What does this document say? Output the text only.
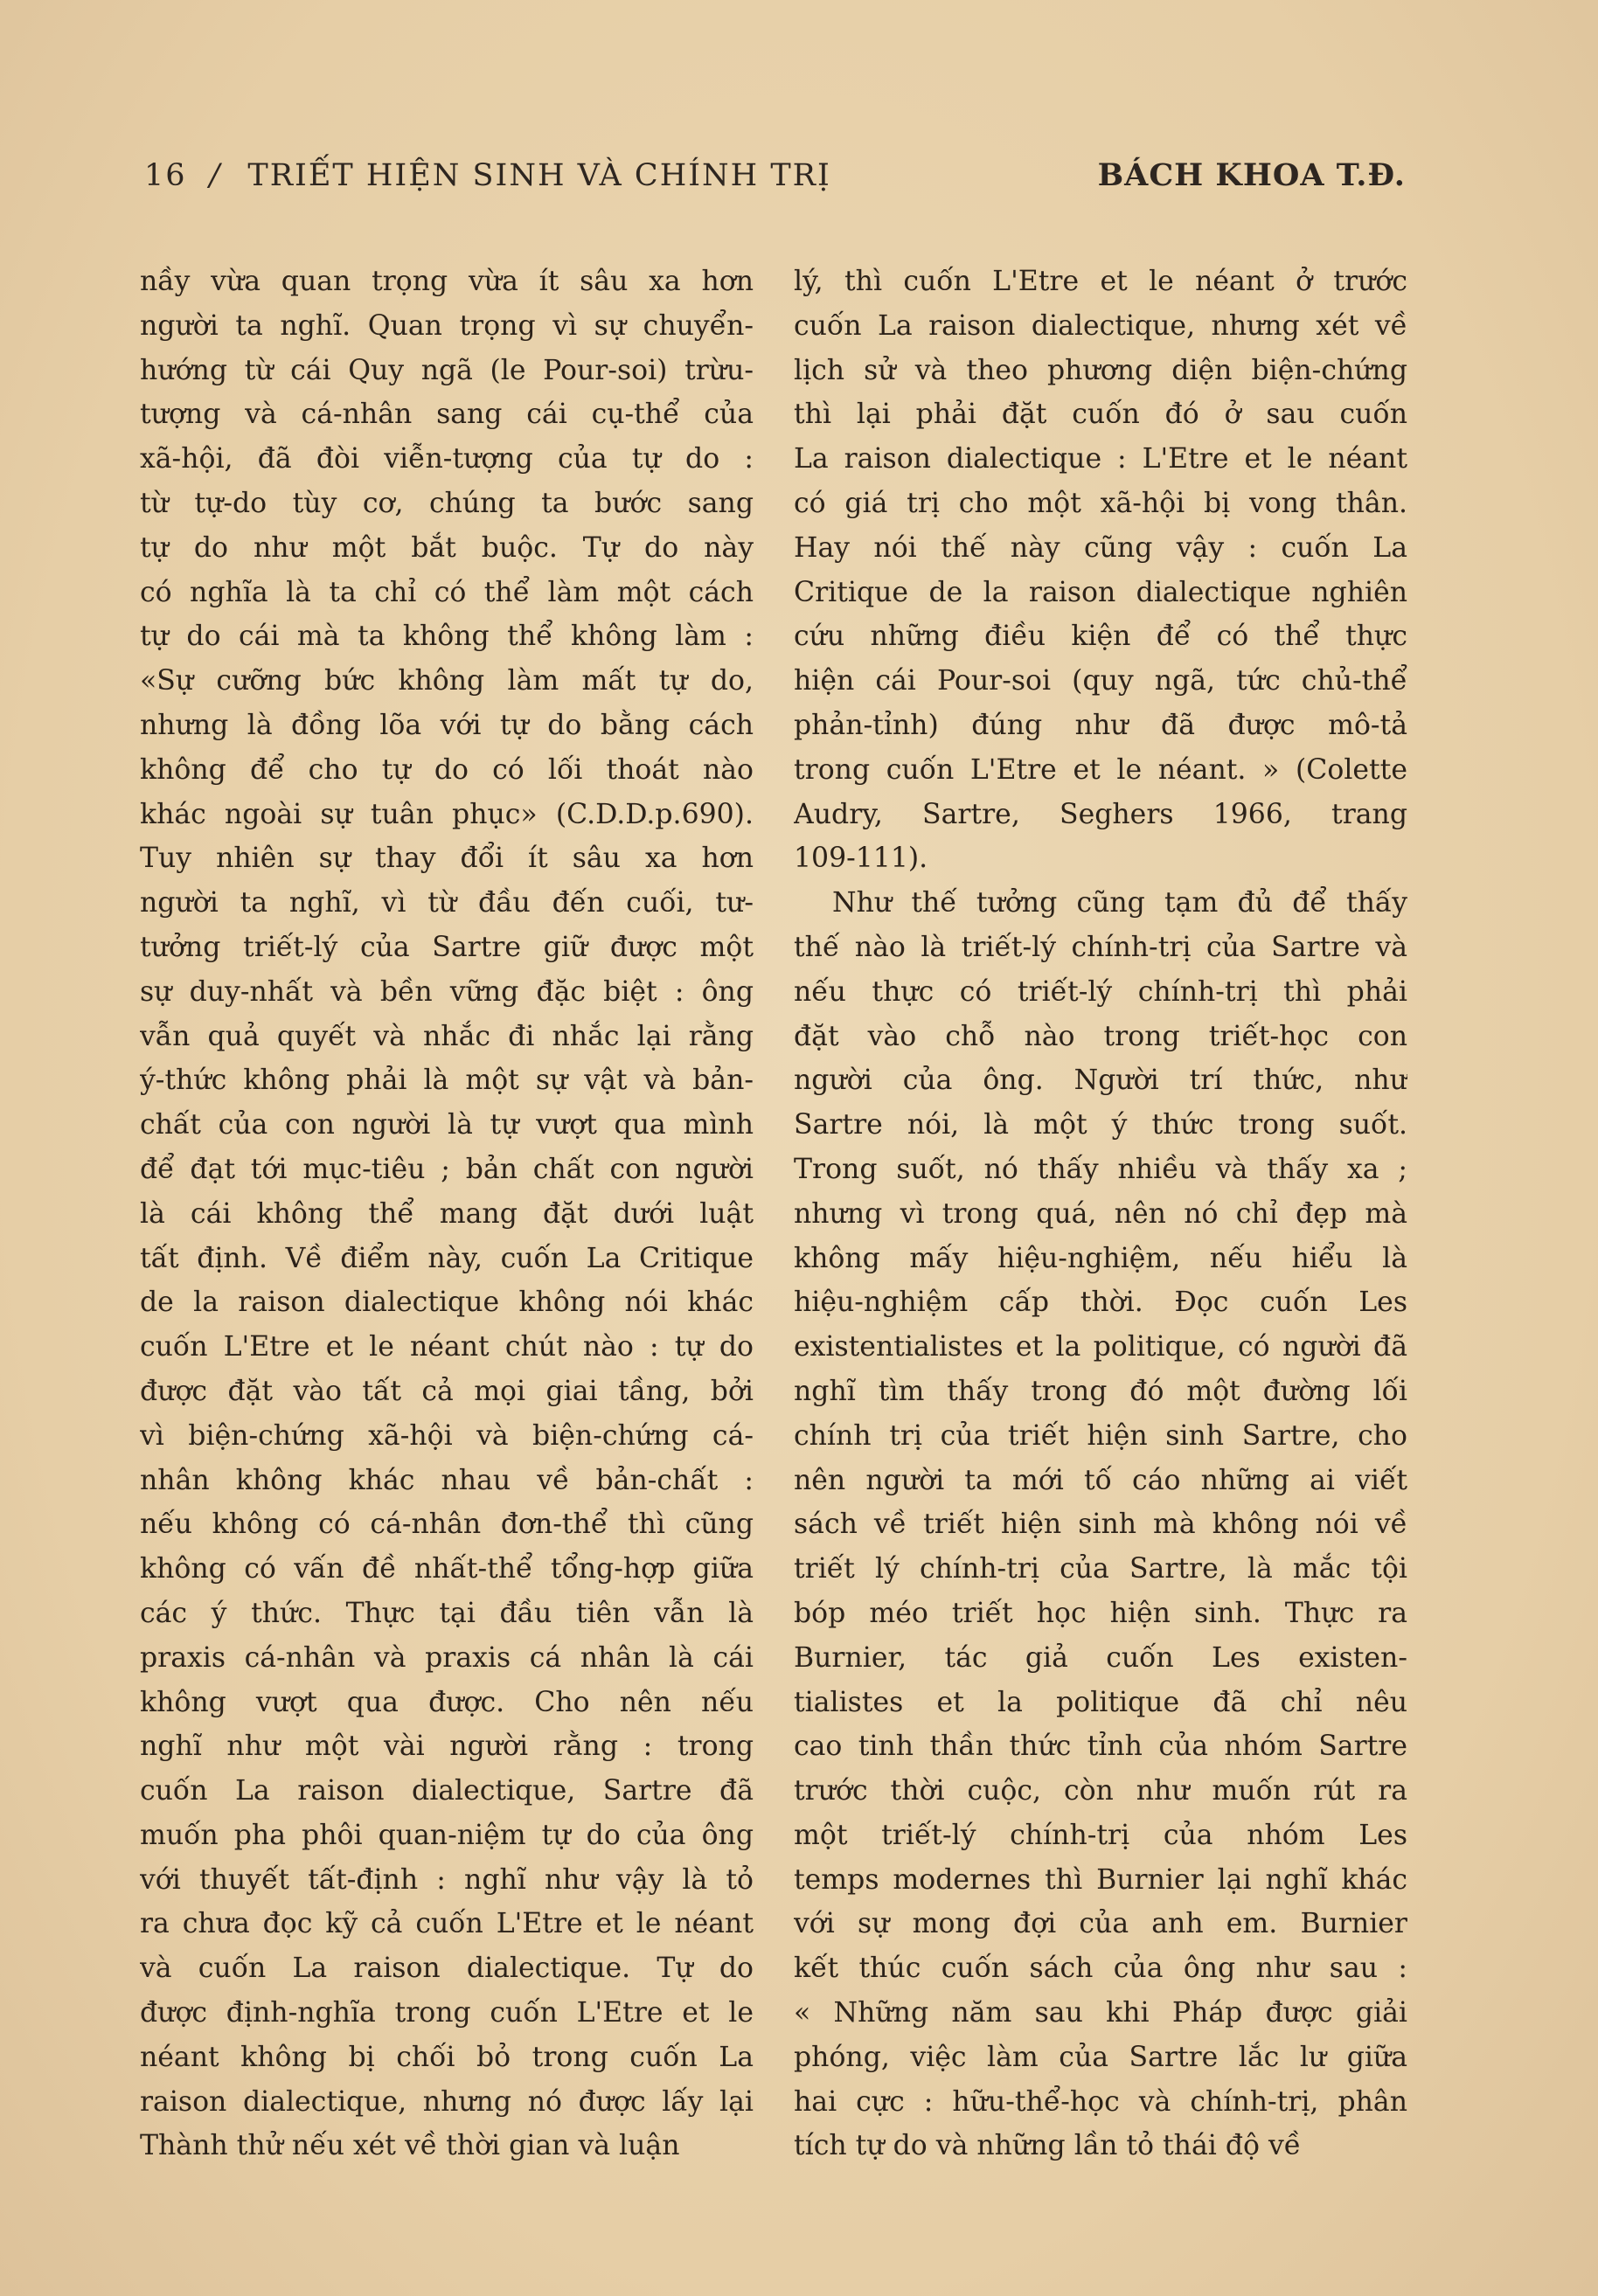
16 / TRIẾT HIỆN SINH VÀ CHÍNH TRỊ	BÁCH KHOA T.Đ.
nầy vừa quan trọng vừa ít sâu xa hơn
người ta nghĩ. Quan trọng vì sự chuyển-
hướng từ cái Quy ngã (le Pour-soi) trừu-
tượng và cá-nhân sang cái cụ-thể của
xã-hội, đã đòi viễn-tượng của tự do :
từ tự-do tùy cơ, chúng ta bước sang
tự do như một bắt buộc. Tự do này
có nghĩa là ta chỉ có thể làm một cách
tự do cái mà ta không thể không làm :
«Sự cưỡng bức không làm mất tự do,
nhưng là đồng lõa với tự do bằng cách
không để cho tự do có lối thoát nào
khác ngoài sự tuân phục» (C.D.D.p.690).
Tuy nhiên sự thay đổi ít sâu xa hơn
người ta nghĩ, vì từ đầu đến cuối, tư-
tưởng triết-lý của Sartre giữ được một
sự duy-nhất và bền vững đặc biệt : ông
vẫn quả quyết và nhắc đi nhắc lại rằng
ý-thức không phải là một sự vật và bản-
chất của con người là tự vượt qua mình
để đạt tới mục-tiêu ; bản chất con người
là cái không thể mang đặt dưới luật
tất định. Về điểm này, cuốn La Critique
de la raison dialectique không nói khác
cuốn L'Etre et le néant chút nào : tự do
được đặt vào tất cả mọi giai tầng, bởi
vì biện-chứng xã-hội và biện-chứng cá-
nhân không khác nhau về bản-chất :
nếu không có cá-nhân đơn-thể thì cũng
không có vấn đề nhất-thể tổng-hợp giữa
các ý thức. Thực tại đầu tiên vẫn là
praxis cá-nhân và praxis cá nhân là cái
không vượt qua được. Cho nên nếu
nghĩ như một vài người rằng : trong
cuốn La raison dialectique, Sartre đã
muốn pha phôi quan-niệm tự do của ông
với thuyết tất-định : nghĩ như vậy là tỏ
ra chưa đọc kỹ cả cuốn L'Etre et le néant
và cuốn La raison dialectique. Tự do
được định-nghĩa trong cuốn L'Etre et le
néant không bị chối bỏ trong cuốn La
raison dialectique, nhưng nó được lấy lại
Thành thử nếu xét về thời gian và luận
lý, thì cuốn L'Etre et le néant ở trước
cuốn La raison dialectique, nhưng xét về
lịch sử và theo phương diện biện-chứng
thì lại phải đặt cuốn đó ở sau cuốn
La raison dialectique : L'Etre et le néant
có giá trị cho một xã-hội bị vong thân.
Hay nói thế này cũng vậy : cuốn La
Critique de la raison dialectique nghiên
cứu những điều kiện để có thể thực
hiện cái Pour-soi (quy ngã, tức chủ-thể
phản-tỉnh) đúng như đã được mô-tả
trong cuốn L'Etre et le néant. » (Colette
Audry, Sartre, Seghers 1966, trang
109-111).
Như thế tưởng cũng tạm đủ để thấy
thế nào là triết-lý chính-trị của Sartre và
nếu thực có triết-lý chính-trị thì phải
đặt vào chỗ nào trong triết-học con
người của ông. Người trí thức, như
Sartre nói, là một ý thức trong suốt.
Trong suốt, nó thấy nhiều và thấy xa ;
nhưng vì trong quá, nên nó chỉ đẹp mà
không mấy hiệu-nghiệm, nếu hiểu là
hiệu-nghiệm cấp thời. Đọc cuốn Les
existentialistes et la politique, có người đã
nghĩ tìm thấy trong đó một đường lối
chính trị của triết hiện sinh Sartre, cho
nên người ta mới tố cáo những ai viết
sách về triết hiện sinh mà không nói về
triết lý chính-trị của Sartre, là mắc tội
bóp méo triết học hiện sinh. Thực ra
Burnier, tác giả cuốn Les existen-
tialistes et la politique đã chỉ nêu
cao tinh thần thức tỉnh của nhóm Sartre
trước thời cuộc, còn như muốn rút ra
một triết-lý chính-trị của nhóm Les
temps modernes thì Burnier lại nghĩ khác
với sự mong đợi của anh em. Burnier
kết thúc cuốn sách của ông như sau :
« Những năm sau khi Pháp được giải
phóng, việc làm của Sartre lắc lư giữa
hai cực : hữu-thể-học và chính-trị, phân
tích tự do và những lần tỏ thái độ về
